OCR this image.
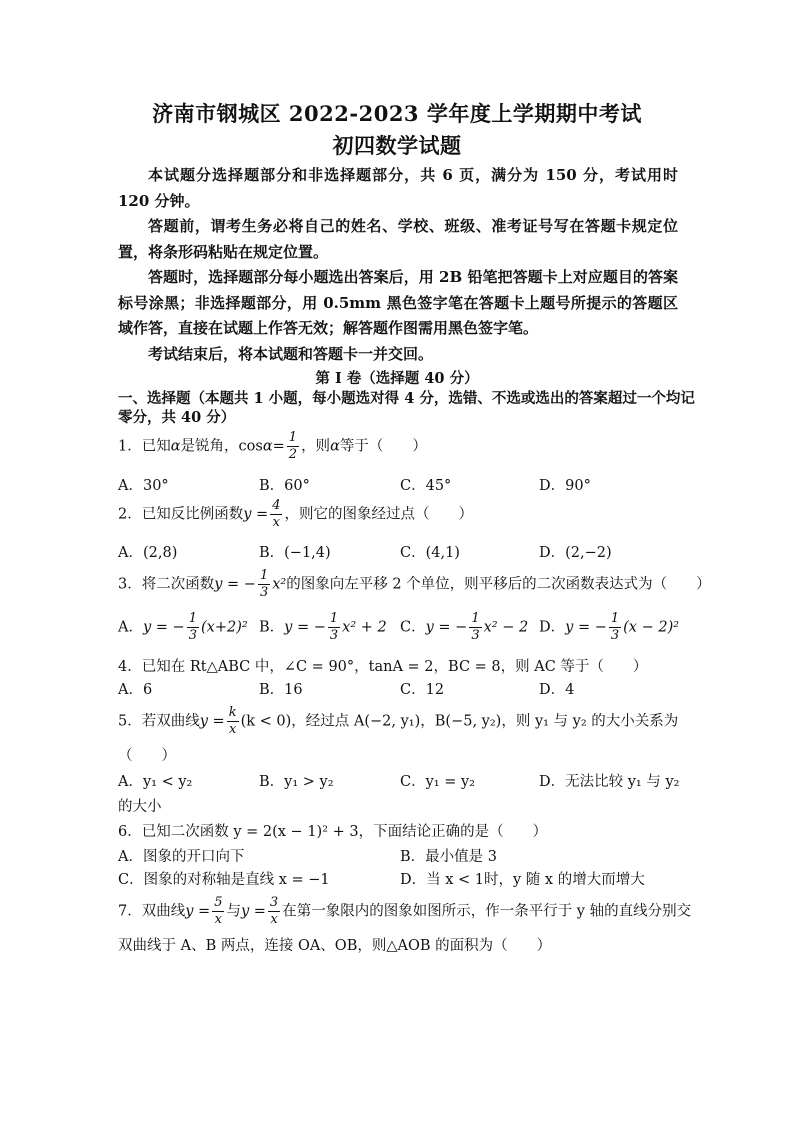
济南市钢城区 2022-2023 学年度上学期期中考试
初四数学试题
本试题分选择题部分和非选择题部分，共 6 页，满分为 150 分，考试用时 120 分钟。
答题前，谓考生务必将自己的姓名、学校、班级、准考证号写在答题卡规定位置，将条形码粘贴在规定位置。
答题时，选择题部分每小题选出答案后，用 2B 铅笔把答题卡上对应题目的答案标号涂黑；非选择题部分，用 0.5mm 黑色签字笔在答题卡上题号所提示的答题区域作答，直接在试题上作答无效；解答题作图需用黑色签字笔。
考试结束后，将本试题和答题卡一并交回。
第 I 卷（选择题 40 分）
一、选择题（本题共 1 小题，每小题选对得 4 分，选错、不选或选出的答案超过一个均记
零分，共 40 分）
1．已知α是锐角，$\cos\alpha= \frac{1}{2}$ ，则α等于（　　）
A．30°	B．60°	C．45°	D．90°
2．已知反比例函数$y = \frac{4}{x}$ ，则它的图象经过点（　　）
A．(2,8)	B．(−1,4)	C．(4,1)	D．(2,−2)
3．将二次函数y = − $\frac{1}{3} x^2$的图象向左平移 2 个单位，则平移后的二次函数表达式为（　　）
A．y = − $\frac{1}{3} (x+2)^2$ B．y = − $\frac{1}{3} x^2 + 2$ C．y = − $\frac{1}{3} x^2 - 2$ D．y = − $\frac{1}{3} (x - 2)^2$
4．已知在 Rt△ABC 中，∠C = 90°，tanA = 2，BC = 8，则 AC 等于（　　）
A．6	B．16	C．12	D．4
5．若双曲线$y = \frac{k}{x} (k < 0)$，经过点 A(−2, y₁)，B(−5, y₂)，则 y₁ 与 y₂ 的大小关系为
（　　）
A．y₁ < y₂	B．y₁ > y₂	C．y₁ = y₂	D．无法比较 y₁ 与 y₂
的大小
6．已知二次函数 y = 2(x − 1)² + 3，下面结论正确的是（　　）
A．图象的开口向下	B．最小值是 3
C．图象的对称轴是直线 x = −1	D．当 x < 1时，y 随 x 的增大而增大
7．双曲线$y = \frac{5}{x}$ 与$y = \frac{3}{x}$ 在第一象限内的图象如图所示，作一条平行于 y 轴的直线分别交
双曲线于 A、B 两点，连接 OA、OB，则△AOB 的面积为（　　）
